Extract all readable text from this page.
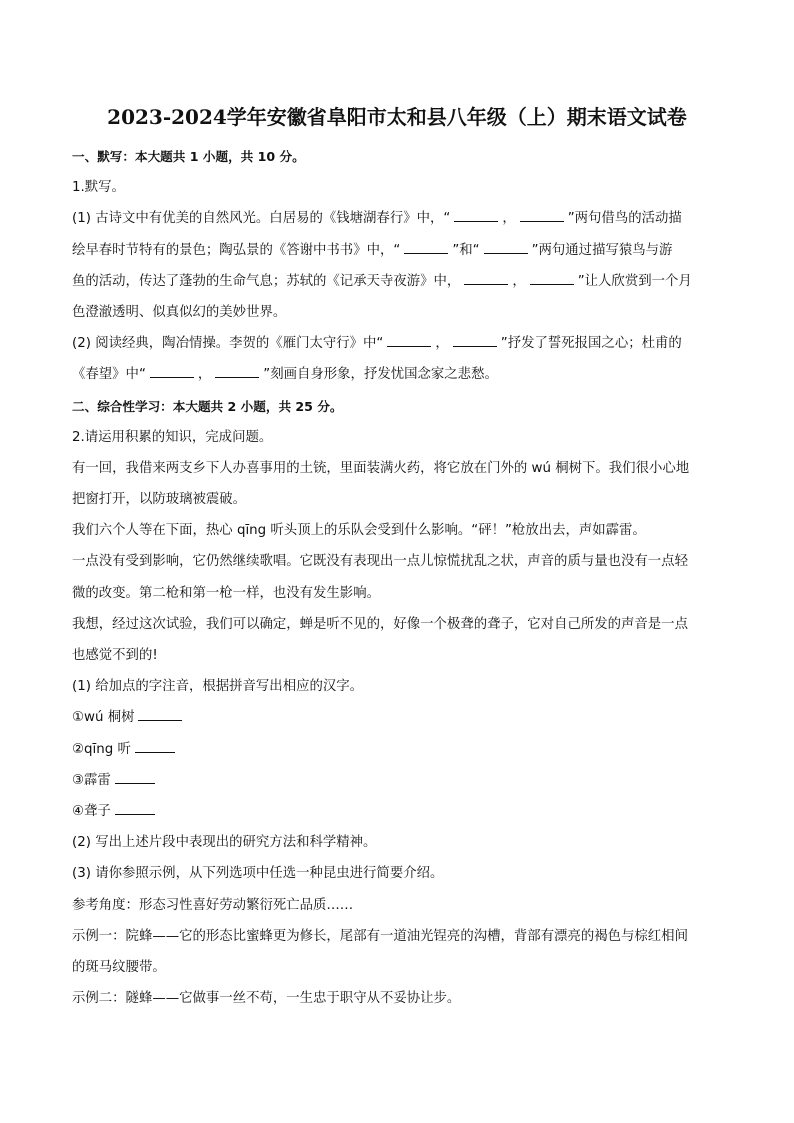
2023-2024学年安徽省阜阳市太和县八年级（上）期末语文试卷
一、默写：本大题共 1 小题，共 10 分。
1.默写。
(1) 古诗文中有优美的自然风光。白居易的《钱塘湖春行》中，“	，	”两句借鸟的活动描
绘早春时节特有的景色；陶弘景的《答谢中书书》中，“	”和“	”两句通过描写猿鸟与游
鱼的活动，传达了蓬勃的生命气息；苏轼的《记承天寺夜游》中，	，	”让人欣赏到一个月
色澄澈透明、似真似幻的美妙世界。
(2) 阅读经典，陶冶情操。李贺的《雁门太守行》中“	，	”抒发了誓死报国之心；杜甫的
《春望》中“	，	”刻画自身形象，抒发忧国念家之悲愁。
二、综合性学习：本大题共 2 小题，共 25 分。
2.请运用积累的知识，完成问题。
有一回，我借来两支乡下人办喜事用的土铳，里面装满火药，将它放在门外的 wú 桐树下。我们很小心地
把窗打开，以防玻璃被震破。
我们六个人等在下面，热心 qīng 听头顶上的乐队会受到什么影响。“砰！”枪放出去，声如霹雷。
一点没有受到影响，它仍然继续歌唱。它既没有表现出一点儿惊慌扰乱之状，声音的质与量也没有一点轻
微的改变。第二枪和第一枪一样，也没有发生影响。
我想，经过这次试验，我们可以确定，蝉是听不见的，好像一个极聋的聋子，它对自己所发的声音是一点
也感觉不到的!
(1) 给加点的字注音，根据拼音写出相应的汉字。
①wú 桐树
②qīng 听
③霹雷
④聋子
(2) 写出上述片段中表现出的研究方法和科学精神。
(3) 请你参照示例，从下列选项中任选一种昆虫进行简要介绍。
参考角度：形态习性喜好劳动繁衍死亡品质……
示例一：院蜂——它的形态比蜜蜂更为修长，尾部有一道油光锃亮的沟槽，背部有漂亮的褐色与棕红相间
的斑马纹腰带。
示例二：隧蜂——它做事一丝不苟，一生忠于职守从不妥协让步。
